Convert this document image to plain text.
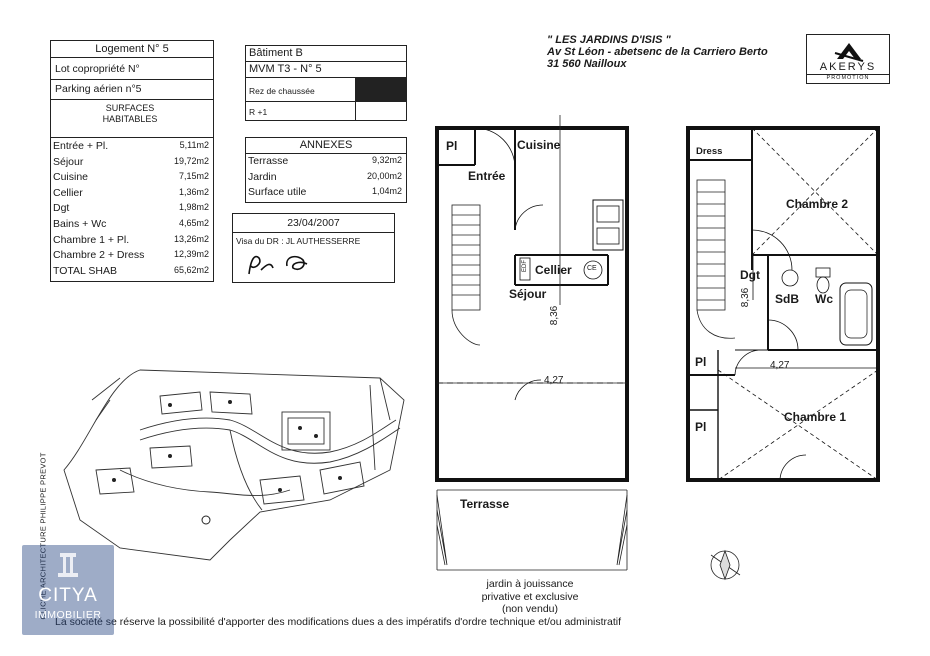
Logement N° 5
Lot copropriété N°
Parking aérien n°5
SURFACES HABITABLES
Entrée + Pl.	5,11m2
Séjour	19,72m2
Cuisine	7,15m2
Cellier	1,36m2
Dgt	1,98m2
Bains + Wc	4,65m2
Chambre 1 + Pl.	13,26m2
Chambre 2 + Dress	12,39m2
TOTAL SHAB	65,62m2
Bâtiment B
MVM T3 - N° 5
Rez de chaussée
R +1
ANNEXES
Terrasse	9,32m2
Jardin	20,00m2
Surface utile	1,04m2
23/04/2007
Visa du DR : JL AUTHESSERRE
" LES JARDINS D'ISIS "
Av St Léon - abetsenc de la Carriero Berto
31 560 Nailloux	AKERYS
PROMOTION
Pl	Cuisine
Entrée
Cellier CE
EDF
Séjour
8,36
4,27
Terrasse
jardin à jouissance
privative et exclusive
(non vendu)
Dress
Chambre 2
Dgt
SdB Wc
Pl
Pl
Chambre 1
8,36
4,27
CLICHE ARCHITECTURE PHILIPPE PREVOT
La société se réserve la possibilité d'apporter des modifications dues a des impératifs d'ordre technique et/ou administratif
CITYA
IMMOBILIER
